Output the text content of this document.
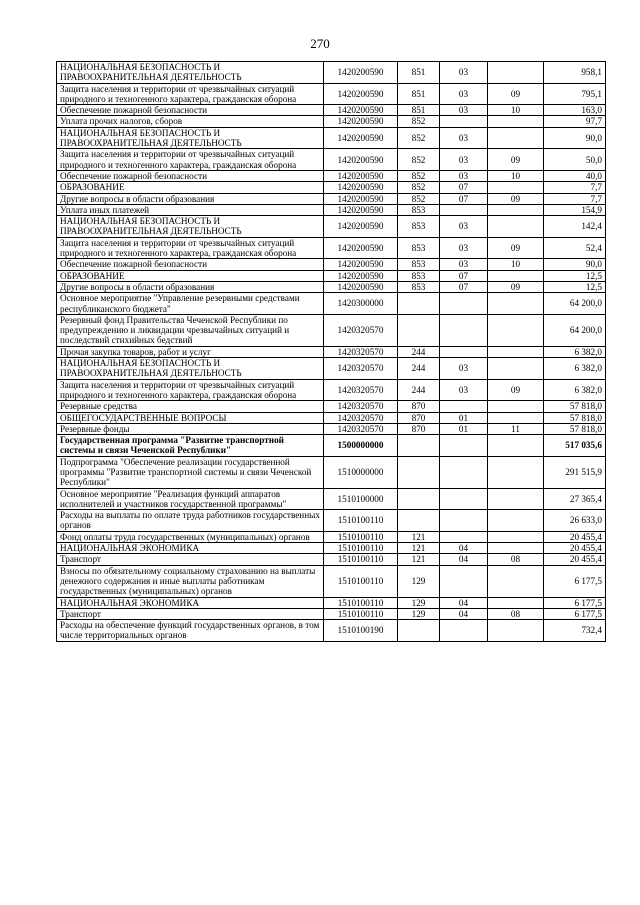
270
НАЦИОНАЛЬНАЯ БЕЗОПАСНОСТЬ И ПРАВООХРАНИТЕЛЬНАЯ ДЕЯТЕЛЬНОСТЬ	1420200590	851	03		958,1
Защита населения и территории от чрезвычайных ситуаций природного и техногенного характера, гражданская оборона	1420200590	851	03	09	795,1
Обеспечение пожарной безопасности	1420200590	851	03	10	163,0
Уплата прочих налогов, сборов	1420200590	852			97,7
НАЦИОНАЛЬНАЯ БЕЗОПАСНОСТЬ И ПРАВООХРАНИТЕЛЬНАЯ ДЕЯТЕЛЬНОСТЬ	1420200590	852	03		90,0
Защита населения и территории от чрезвычайных ситуаций природного и техногенного характера, гражданская оборона	1420200590	852	03	09	50,0
Обеспечение пожарной безопасности	1420200590	852	03	10	40,0
ОБРАЗОВАНИЕ	1420200590	852	07		7,7
Другие вопросы в области образования	1420200590	852	07	09	7,7
Уплата иных платежей	1420200590	853			154,9
НАЦИОНАЛЬНАЯ БЕЗОПАСНОСТЬ И ПРАВООХРАНИТЕЛЬНАЯ ДЕЯТЕЛЬНОСТЬ	1420200590	853	03		142,4
Защита населения и территории от чрезвычайных ситуаций природного и техногенного характера, гражданская оборона	1420200590	853	03	09	52,4
Обеспечение пожарной безопасности	1420200590	853	03	10	90,0
ОБРАЗОВАНИЕ	1420200590	853	07		12,5
Другие вопросы в области образования	1420200590	853	07	09	12,5
Основное мероприятие "Управление резервными средствами республиканского бюджета"	1420300000				64 200,0
Резервный фонд Правительства Чеченской Республики по предупреждению и ликвидации чрезвычайных ситуаций и последствий стихийных бедствий	1420320570				64 200,0
Прочая закупка товаров, работ и услуг	1420320570	244			6 382,0
НАЦИОНАЛЬНАЯ БЕЗОПАСНОСТЬ И ПРАВООХРАНИТЕЛЬНАЯ ДЕЯТЕЛЬНОСТЬ	1420320570	244	03		6 382,0
Защита населения и территории от чрезвычайных ситуаций природного и техногенного характера, гражданская оборона	1420320570	244	03	09	6 382,0
Резервные средства	1420320570	870			57 818,0
ОБЩЕГОСУДАРСТВЕННЫЕ ВОПРОСЫ	1420320570	870	01		57 818,0
Резервные фонды	1420320570	870	01	11	57 818,0
Государственная программа "Развитие транспортной системы и связи Чеченской Республики"	1500000000				517 035,6
Подпрограмма "Обеспечение реализации государственной программы "Развитие транспортной системы и связи Чеченской Республики"	1510000000				291 515,9
Основное мероприятие "Реализация функций аппаратов исполнителей и участников государственной программы"	1510100000				27 365,4
Расходы на выплаты по оплате труда работников государственных органов	1510100110				26 633,0
Фонд оплаты труда государственных (муниципальных) органов	1510100110	121			20 455,4
НАЦИОНАЛЬНАЯ ЭКОНОМИКА	1510100110	121	04		20 455,4
Транспорт	1510100110	121	04	08	20 455,4
Взносы по обязательному социальному страхованию на выплаты денежного содержания и иные выплаты работникам государственных (муниципальных) органов	1510100110	129			6 177,5
НАЦИОНАЛЬНАЯ ЭКОНОМИКА	1510100110	129	04		6 177,5
Транспорт	1510100110	129	04	08	6 177,5
Расходы на обеспечение функций государственных органов, в том числе территориальных органов	1510100190				732,4
